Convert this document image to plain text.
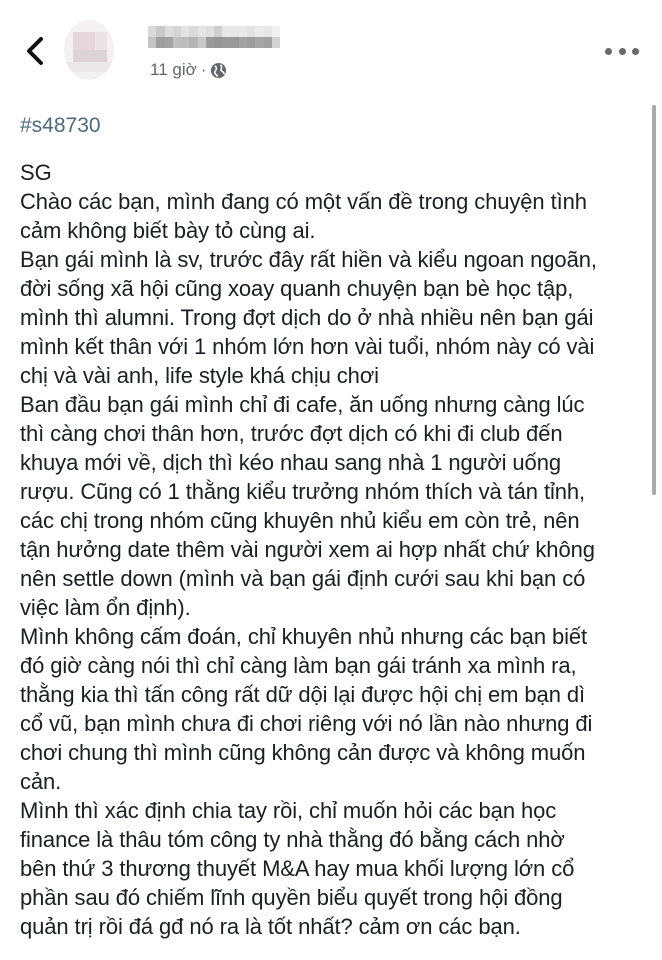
11 giờ ·
#s48730
SG
Chào các bạn, mình đang có một vấn đề trong chuyện tình
cảm không biết bày tỏ cùng ai.
Bạn gái mình là sv, trước đây rất hiền và kiểu ngoan ngoãn,
đời sống xã hội cũng xoay quanh chuyện bạn bè học tập,
mình thì alumni. Trong đợt dịch do ở nhà nhiều nên bạn gái
mình kết thân với 1 nhóm lớn hơn vài tuổi, nhóm này có vài
chị và vài anh, life style khá chịu chơi
Ban đầu bạn gái mình chỉ đi cafe, ăn uống nhưng càng lúc
thì càng chơi thân hơn, trước đợt dịch có khi đi club đến
khuya mới về, dịch thì kéo nhau sang nhà 1 người uống
rượu. Cũng có 1 thằng kiểu trưởng nhóm thích và tán tỉnh,
các chị trong nhóm cũng khuyên nhủ kiểu em còn trẻ, nên
tận hưởng date thêm vài người xem ai hợp nhất chứ không
nên settle down (mình và bạn gái định cưới sau khi bạn có
việc làm ổn định).
Mình không cấm đoán, chỉ khuyên nhủ nhưng các bạn biết
đó giờ càng nói thì chỉ càng làm bạn gái tránh xa mình ra,
thằng kia thì tấn công rất dữ dội lại được hội chị em bạn dì
cổ vũ, bạn mình chưa đi chơi riêng với nó lần nào nhưng đi
chơi chung thì mình cũng không cản được và không muốn
cản.
Mình thì xác định chia tay rồi, chỉ muốn hỏi các bạn học
finance là thâu tóm công ty nhà thằng đó bằng cách nhờ
bên thứ 3 thương thuyết M&A hay mua khối lượng lớn cổ
phần sau đó chiếm lĩnh quyền biểu quyết trong hội đồng
quản trị rồi đá gđ nó ra là tốt nhất? cảm ơn các bạn.
